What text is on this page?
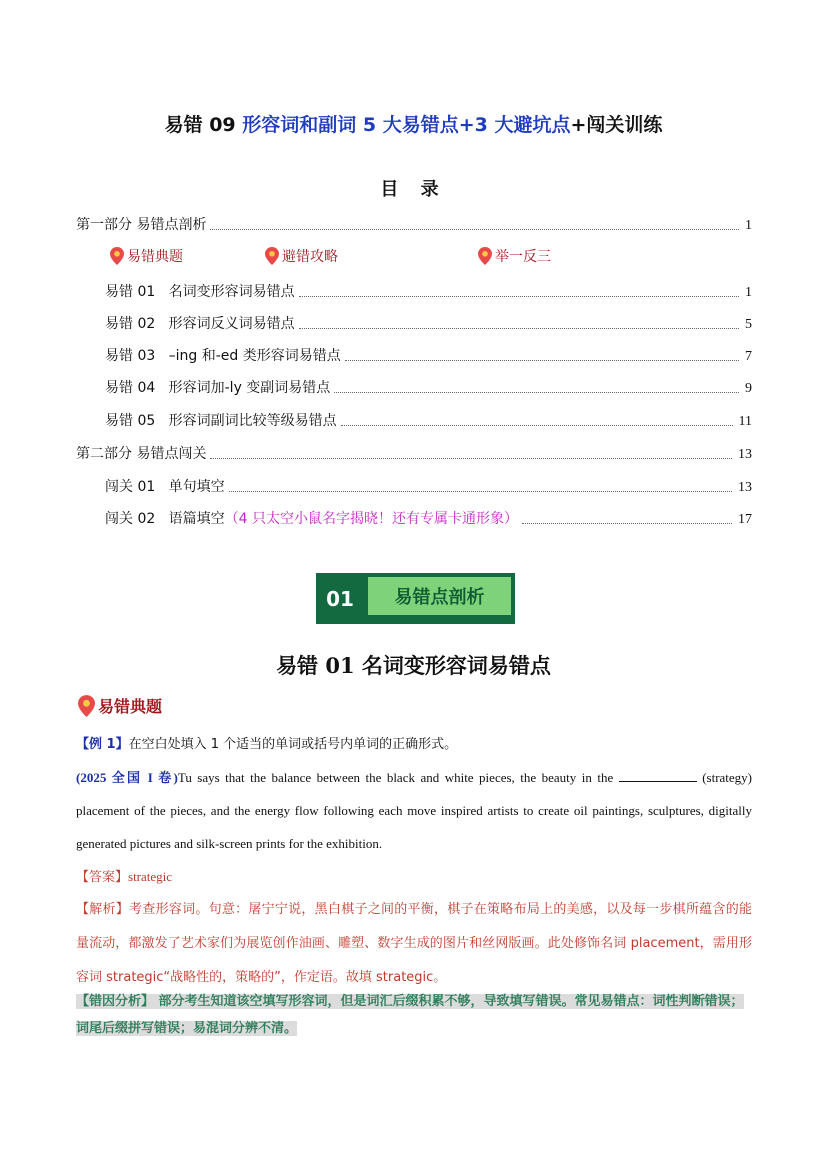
易错 09 形容词和副词 5 大易错点+3 大避坑点+闯关训练
目 录
第一部分 易错点剖析	1
易错典题	避错攻略	举一反三
易错 01 名词变形容词易错点	1
易错 02 形容词反义词易错点	5
易错 03 –ing 和-ed 类形容词易错点	7
易错 04 形容词加-ly 变副词易错点	9
易错 05 形容词副词比较等级易错点	11
第二部分 易错点闯关	13
闯关 01 单句填空	13
闯关 02 语篇填空（4 只太空小鼠名字揭晓！还有专属卡通形象）	17
01	易错点剖析
易错 01 名词变形容词易错点
易错典题
【例 1】在空白处填入 1 个适当的单词或括号内单词的正确形式。
(2025 全国 I 卷)Tu says that the balance between the black and white pieces, the beauty in the	(strategy) placement of the pieces, and the energy flow following each move inspired artists to create oil paintings, sculptures, digitally generated pictures and silk-screen prints for the exhibition.
【答案】strategic
【解析】考查形容词。句意：屠宁宁说，黑白棋子之间的平衡，棋子在策略布局上的美感，以及每一步棋所蕴含的能量流动，都激发了艺术家们为展览创作油画、雕塑、数字生成的图片和丝网版画。此处修饰名词 placement，需用形容词 strategic“战略性的，策略的”，作定语。故填 strategic。
【错因分析】 部分考生知道该空填写形容词，但是词汇后缀积累不够，导致填写错误。常见易错点：词性判断错误；词尾后缀拼写错误；易混词分辨不清。
